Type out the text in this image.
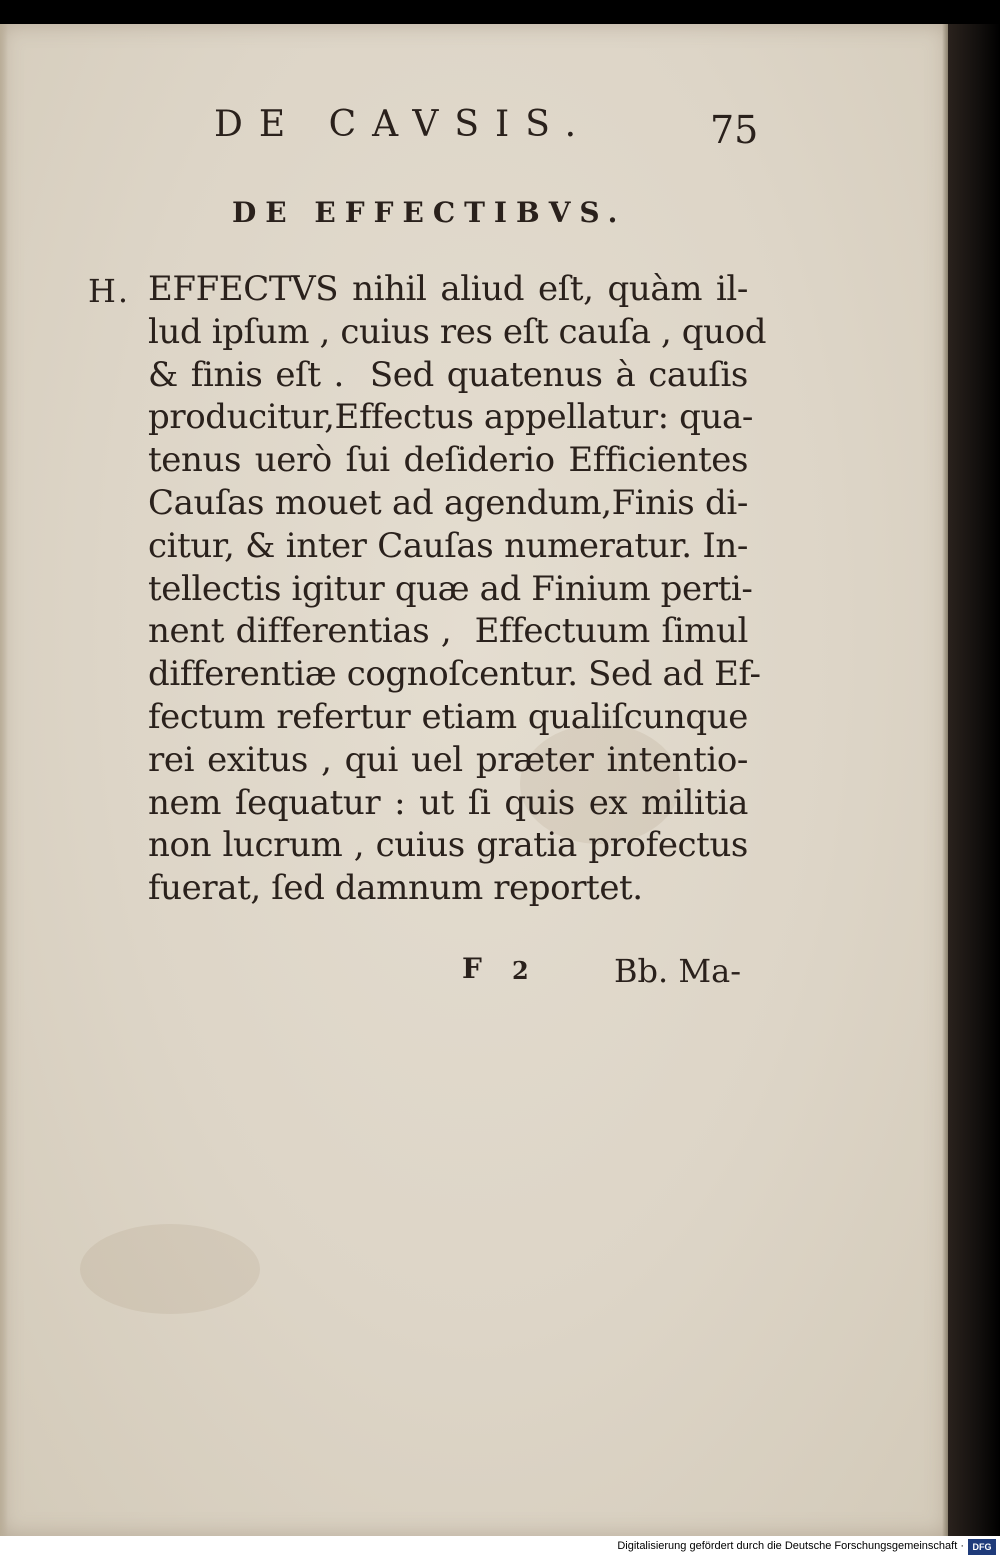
DE CAVSIS.	75
DE EFFECTIBVS.
H. EFFECTVS nihil aliud eſt, quàm il-
lud ipſum , cuius res eſt cauſa , quod
& finis eſt .  Sed quatenus à cauſis
producitur,Effectus appellatur: qua-
tenus uerò ſui deſiderio Efficientes
Cauſas mouet ad agendum,Finis di-
citur, & inter Cauſas numeratur. In-
tellectis igitur quæ ad Finium perti-
nent differentias ,  Effectuum ſimul
differentiæ cognoſcentur. Sed ad Ef-
fectum refertur etiam qualiſcunque
rei exitus , qui uel præter intentio-
nem ſequatur : ut ſi quis ex militia
non lucrum , cuius gratia profectus
fuerat, ſed damnum reportet.
F 2	Bb. Ma-
Digitalisierung gefördert durch die Deutsche Forschungsgemeinschaft · DFG
